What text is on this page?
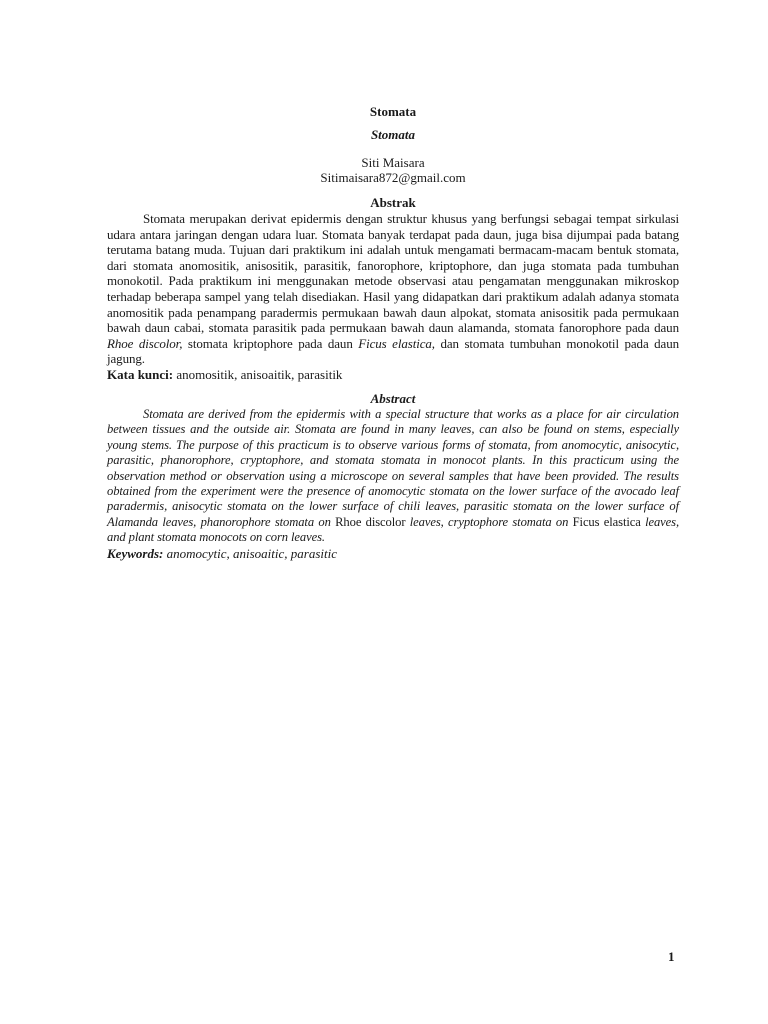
Stomata
Stomata
Siti Maisara
Sitimaisara872@gmail.com
Abstrak
Stomata merupakan derivat epidermis dengan struktur khusus yang berfungsi sebagai tempat sirkulasi udara antara jaringan dengan udara luar. Stomata banyak terdapat pada daun, juga bisa dijumpai pada batang terutama batang muda. Tujuan dari praktikum ini adalah untuk mengamati bermacam-macam bentuk stomata, dari stomata anomositik, anisositik, parasitik, fanorophore, kriptophore, dan juga stomata pada tumbuhan monokotil. Pada praktikum ini menggunakan metode observasi atau pengamatan menggunakan mikroskop terhadap beberapa sampel yang telah disediakan. Hasil yang didapatkan dari praktikum adalah adanya stomata anomositik pada penampang paradermis permukaan bawah daun alpokat, stomata anisositik pada permukaan bawah daun cabai, stomata parasitik pada permukaan bawah daun alamanda, stomata fanorophore pada daun Rhoe discolor, stomata kriptophore pada daun Ficus elastica, dan stomata tumbuhan monokotil pada daun jagung.
Kata kunci: anomositik, anisoaitik, parasitik
Abstract
Stomata are derived from the epidermis with a special structure that works as a place for air circulation between tissues and the outside air. Stomata are found in many leaves, can also be found on stems, especially young stems. The purpose of this practicum is to observe various forms of stomata, from anomocytic, anisocytic, parasitic, phanorophore, cryptophore, and stomata stomata in monocot plants. In this practicum using the observation method or observation using a microscope on several samples that have been provided. The results obtained from the experiment were the presence of anomocytic stomata on the lower surface of the avocado leaf paradermis, anisocytic stomata on the lower surface of chili leaves, parasitic stomata on the lower surface of Alamanda leaves, phanorophore stomata on Rhoe discolor leaves, cryptophore stomata on Ficus elastica leaves, and plant stomata monocots on corn leaves.
Keywords: anomocytic, anisoaitic, parasitic
1
